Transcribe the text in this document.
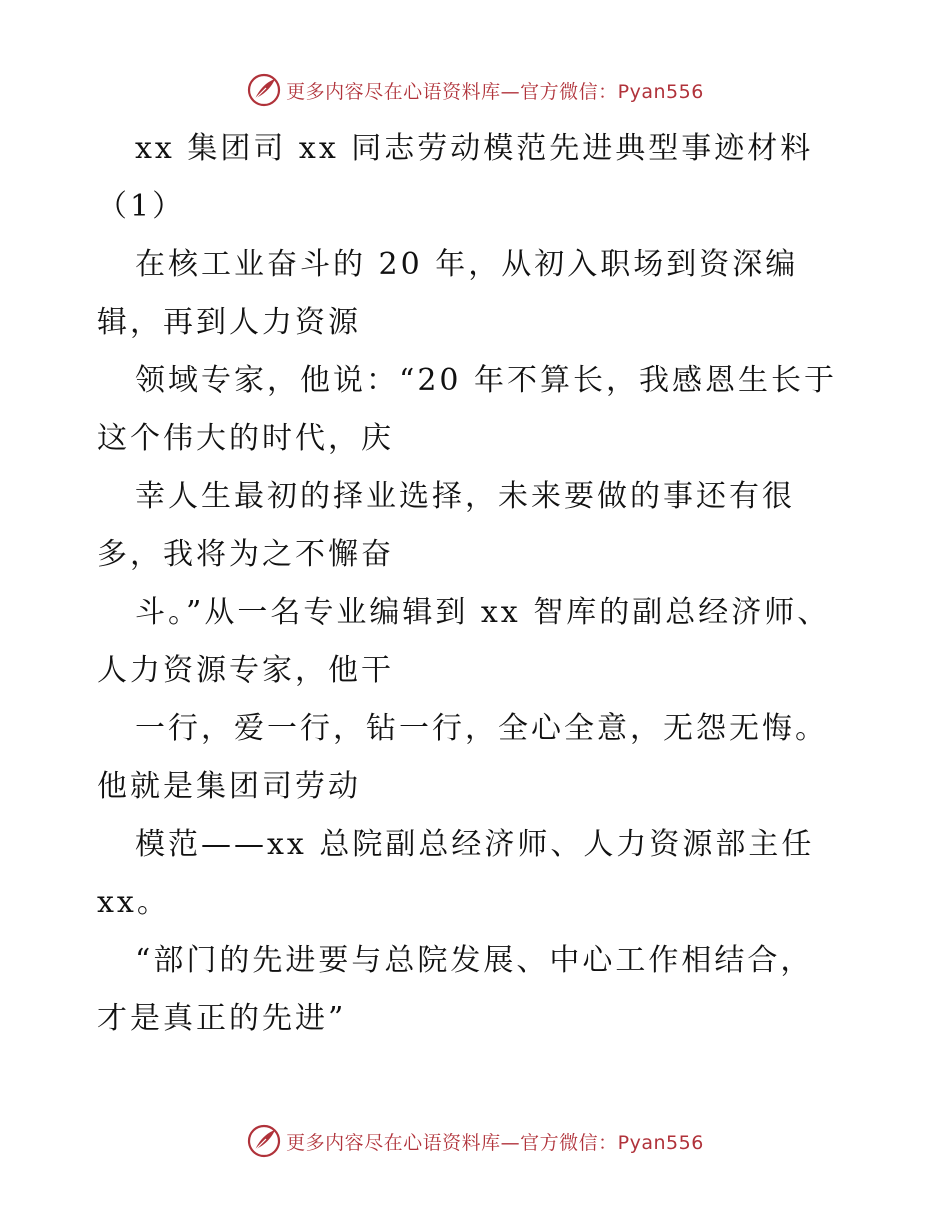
更多内容尽在心语资料库—官方微信：Pyan556

xx 集团司 xx 同志劳动模范先进典型事迹材料（1）

在核工业奋斗的 20 年，从初入职场到资深编辑，再到人力资源

领域专家，他说：“20 年不算长，我感恩生长于这个伟大的时代，庆

幸人生最初的择业选择，未来要做的事还有很多，我将为之不懈奋

斗。”从一名专业编辑到 xx 智库的副总经济师、人力资源专家，他干

一行，爱一行，钻一行，全心全意，无怨无悔。他就是集团司劳动

模范——xx 总院副总经济师、人力资源部主任 xx。

“部门的先进要与总院发展、中心工作相结合，才是真正的先进”

更多内容尽在心语资料库—官方微信：Pyan556
